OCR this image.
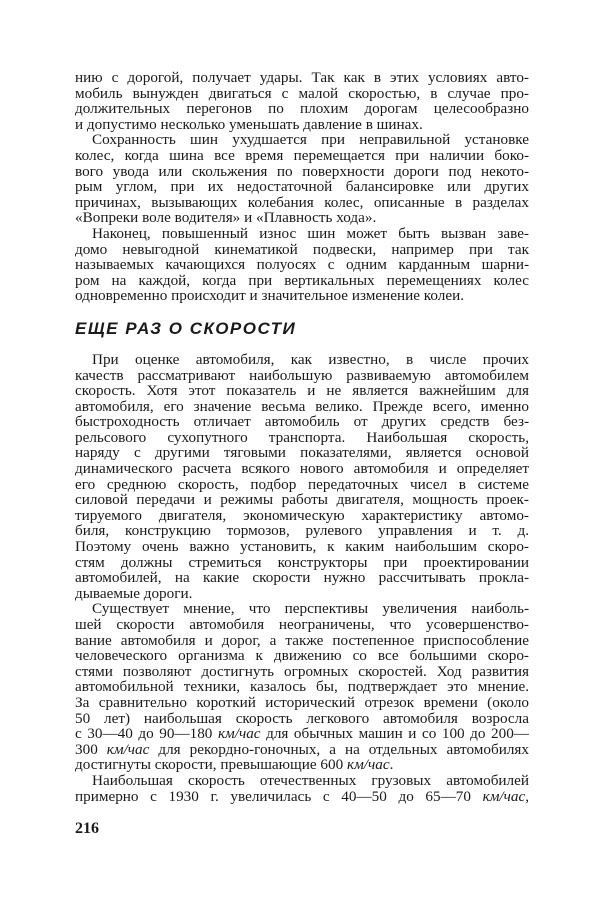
нию с дорогой, получает удары. Так как в этих условиях авто-
мобиль вынужден двигаться с малой скоростью, в случае про-
должительных перегонов по плохим дорогам целесообразно
и допустимо несколько уменьшать давление в шинах.
Сохранность шин ухудшается при неправильной установке
колес, когда шина все время перемещается при наличии боко-
вого увода или скольжения по поверхности дороги под некото-
рым углом, при их недостаточной балансировке или других
причинах, вызывающих колебания колес, описанные в разделах
«Вопреки воле водителя» и «Плавность хода».
Наконец, повышенный износ шин может быть вызван заве-
домо невыгодной кинематикой подвески, например при так
называемых качающихся полуосях с одним карданным шарни-
ром на каждой, когда при вертикальных перемещениях колес
одновременно происходит и значительное изменение колеи.
ЕЩЕ РАЗ О СКОРОСТИ
При оценке автомобиля, как известно, в числе прочих
качеств рассматривают наибольшую развиваемую автомобилем
скорость. Хотя этот показатель и не является важнейшим для
автомобиля, его значение весьма велико. Прежде всего, именно
быстроходность отличает автомобиль от других средств без-
рельсового сухопутного транспорта. Наибольшая скорость,
наряду с другими тяговыми показателями, является основой
динамического расчета всякого нового автомобиля и определяет
его среднюю скорость, подбор передаточных чисел в системе
силовой передачи и режимы работы двигателя, мощность проек-
тируемого двигателя, экономическую характеристику автомо-
биля, конструкцию тормозов, рулевого управления и т. д.
Поэтому очень важно установить, к каким наибольшим скоро-
стям должны стремиться конструкторы при проектировании
автомобилей, на какие скорости нужно рассчитывать прокла-
дываемые дороги.
Существует мнение, что перспективы увеличения наиболь-
шей скорости автомобиля неограничены, что усовершенство-
вание автомобиля и дорог, а также постепенное приспособление
человеческого организма к движению со все большими скоро-
стями позволяют достигнуть огромных скоростей. Ход развития
автомобильной техники, казалось бы, подтверждает это мнение.
За сравнительно короткий исторический отрезок времени (около
50 лет) наибольшая скорость легкового автомобиля возросла
с 30—40 до 90—180 км/час для обычных машин и со 100 до 200—
300 км/час для рекордно-гоночных, а на отдельных автомобилях
достигнуты скорости, превышающие 600 км/час.
Наибольшая скорость отечественных грузовых автомобилей
примерно с 1930 г. увеличилась с 40—50 до 65—70 км/час,
216
